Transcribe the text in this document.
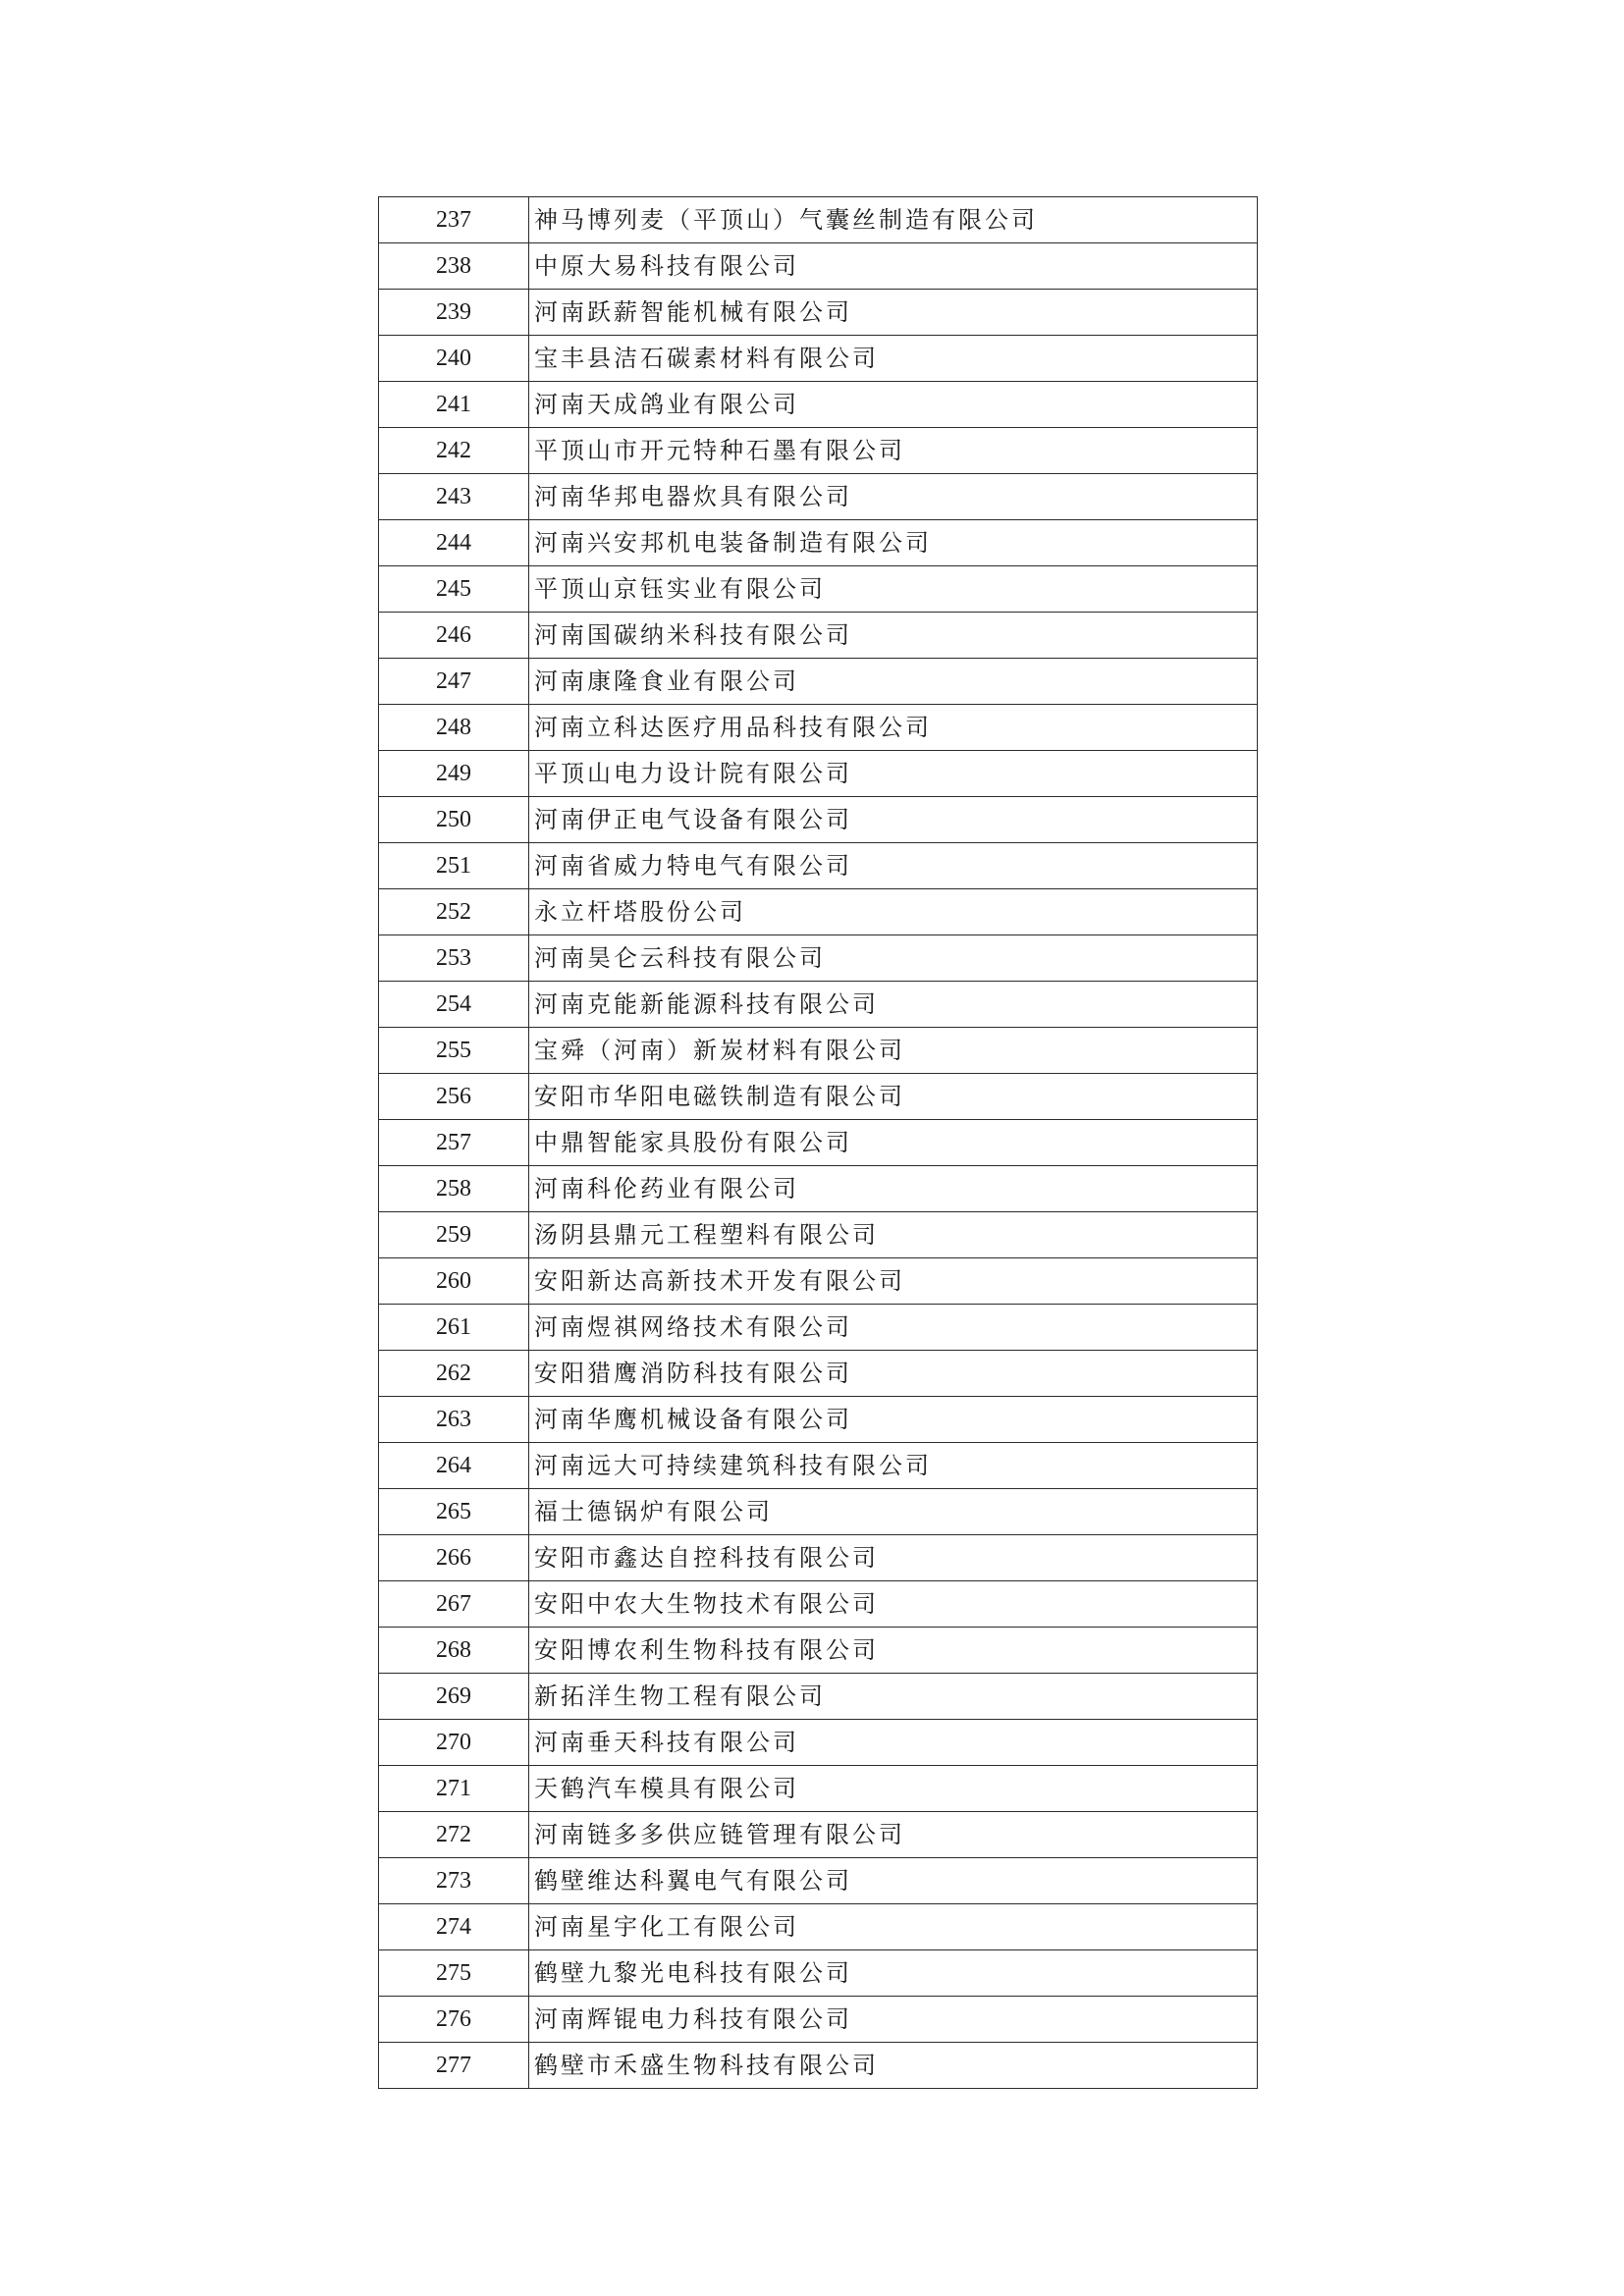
237	神马博列麦（平顶山）气囊丝制造有限公司
238	中原大易科技有限公司
239	河南跃薪智能机械有限公司
240	宝丰县洁石碳素材料有限公司
241	河南天成鸽业有限公司
242	平顶山市开元特种石墨有限公司
243	河南华邦电器炊具有限公司
244	河南兴安邦机电装备制造有限公司
245	平顶山京钰实业有限公司
246	河南国碳纳米科技有限公司
247	河南康隆食业有限公司
248	河南立科达医疗用品科技有限公司
249	平顶山电力设计院有限公司
250	河南伊正电气设备有限公司
251	河南省威力特电气有限公司
252	永立杆塔股份公司
253	河南昊仑云科技有限公司
254	河南克能新能源科技有限公司
255	宝舜（河南）新炭材料有限公司
256	安阳市华阳电磁铁制造有限公司
257	中鼎智能家具股份有限公司
258	河南科伦药业有限公司
259	汤阴县鼎元工程塑料有限公司
260	安阳新达高新技术开发有限公司
261	河南煜祺网络技术有限公司
262	安阳猎鹰消防科技有限公司
263	河南华鹰机械设备有限公司
264	河南远大可持续建筑科技有限公司
265	福士德锅炉有限公司
266	安阳市鑫达自控科技有限公司
267	安阳中农大生物技术有限公司
268	安阳博农利生物科技有限公司
269	新拓洋生物工程有限公司
270	河南垂天科技有限公司
271	天鹤汽车模具有限公司
272	河南链多多供应链管理有限公司
273	鹤壁维达科翼电气有限公司
274	河南星宇化工有限公司
275	鹤壁九黎光电科技有限公司
276	河南辉锟电力科技有限公司
277	鹤壁市禾盛生物科技有限公司
